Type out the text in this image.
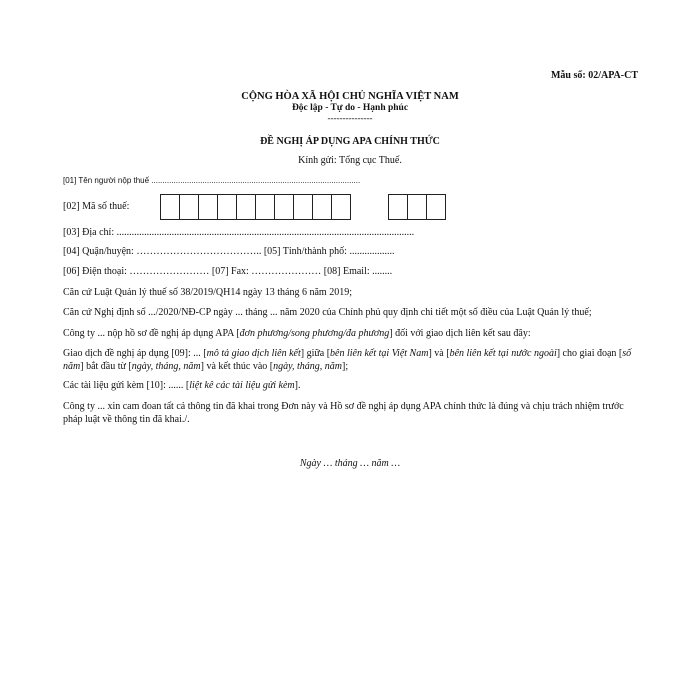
Mẫu số: 02/APA-CT
CỘNG HÒA XÃ HỘI CHỦ NGHĨA VIỆT NAM
Độc lập - Tự do - Hạnh phúc
---------------
ĐỀ NGHỊ ÁP DỤNG APA CHÍNH THỨC
Kính gửi: Tổng cục Thuế.
[01] Tên người nộp thuế ..............................................................................................
[02] Mã số thuế:
[03] Địa chỉ: .......................................................................................................................
[04] Quận/huyện: ……………………………….. [05] Tỉnh/thành phố: ..................
[06] Điện thoại: …………………… [07] Fax: ………………… [08] Email: ........
Căn cứ Luật Quản lý thuế số 38/2019/QH14 ngày 13 tháng 6 năm 2019;
Căn cứ Nghị định số .../2020/NĐ-CP ngày ... tháng ... năm 2020 của Chính phủ quy định chi tiết một số điều của Luật Quản lý thuế;
Công ty ... nộp hồ sơ đề nghị áp dụng APA [đơn phương/song phương/đa phương] đối với giao dịch liên kết sau đây:
Giao dịch đề nghị áp dụng [09]: ... [mô tả giao dịch liên kết] giữa [bên liên kết tại Việt Nam] và [bên liên kết tại nước ngoài] cho giai đoạn [số năm] bắt đầu từ [ngày, tháng, năm] và kết thúc vào [ngày, tháng, năm];
Các tài liệu gửi kèm [10]: ...... [liệt kê các tài liệu gửi kèm].
Công ty ... xin cam đoan tất cả thông tin đã khai trong Đơn này và Hồ sơ đề nghị áp dụng APA chính thức là đúng và chịu trách nhiệm trước pháp luật về thông tin đã khai./.
Ngày … tháng … năm …
